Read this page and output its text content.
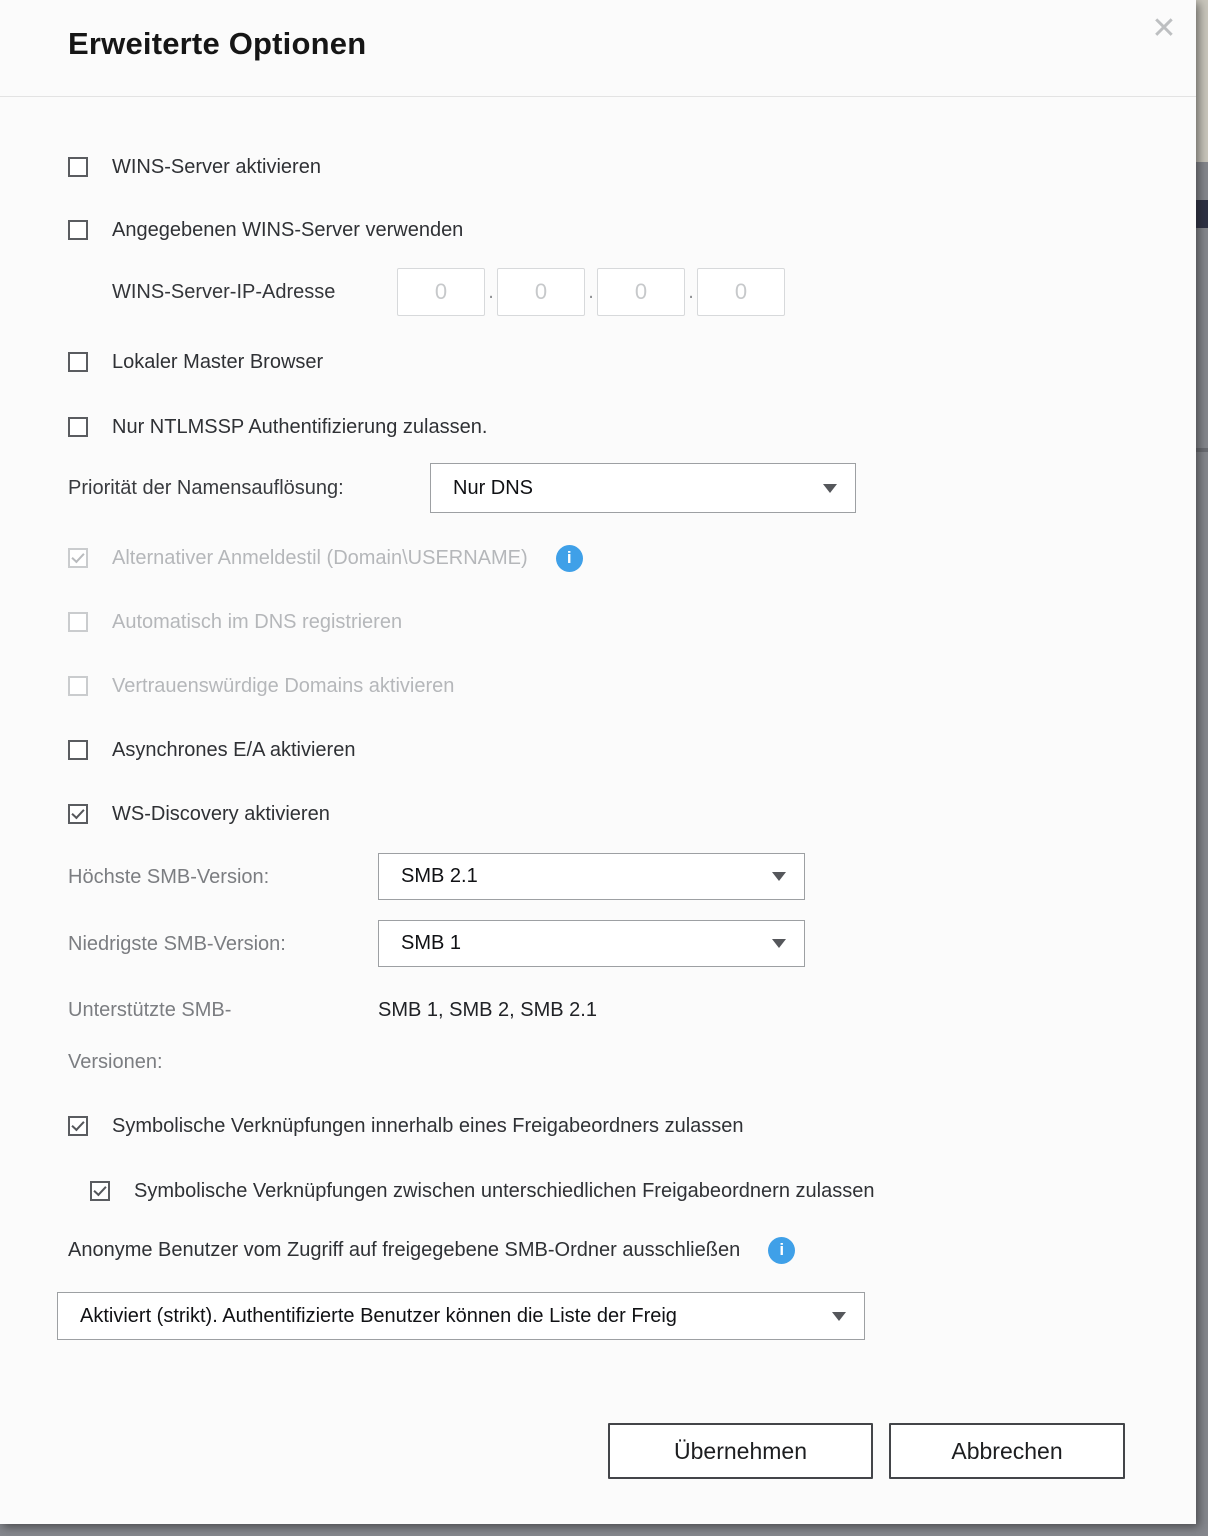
Erweiterte Optionen	✕
WINS-Server aktivieren
Angegebenen WINS-Server verwenden
WINS-Server-IP-Adresse
0	.
0	.
0	.
0
Lokaler Master Browser
Nur NTLMSSP Authentifizierung zulassen.
Priorität der Namensauflösung:	Nur DNS
Alternativer Anmeldestil (Domain\USERNAME)	i
Automatisch im DNS registrieren
Vertrauenswürdige Domains aktivieren
Asynchrones E/A aktivieren
WS-Discovery aktivieren
Höchste SMB-Version:	SMB 2.1
Niedrigste SMB-Version:	SMB 1
Unterstützte SMB-Versionen:
SMB 1, SMB 2, SMB 2.1
Symbolische Verknüpfungen innerhalb eines Freigabeordners zulassen
Symbolische Verknüpfungen zwischen unterschiedlichen Freigabeordnern zulassen
Anonyme Benutzer vom Zugriff auf freigegebene SMB-Ordner ausschließen	i
Aktiviert (strikt). Authentifizierte Benutzer können die Liste der Freig
Übernehmen	Abbrechen
